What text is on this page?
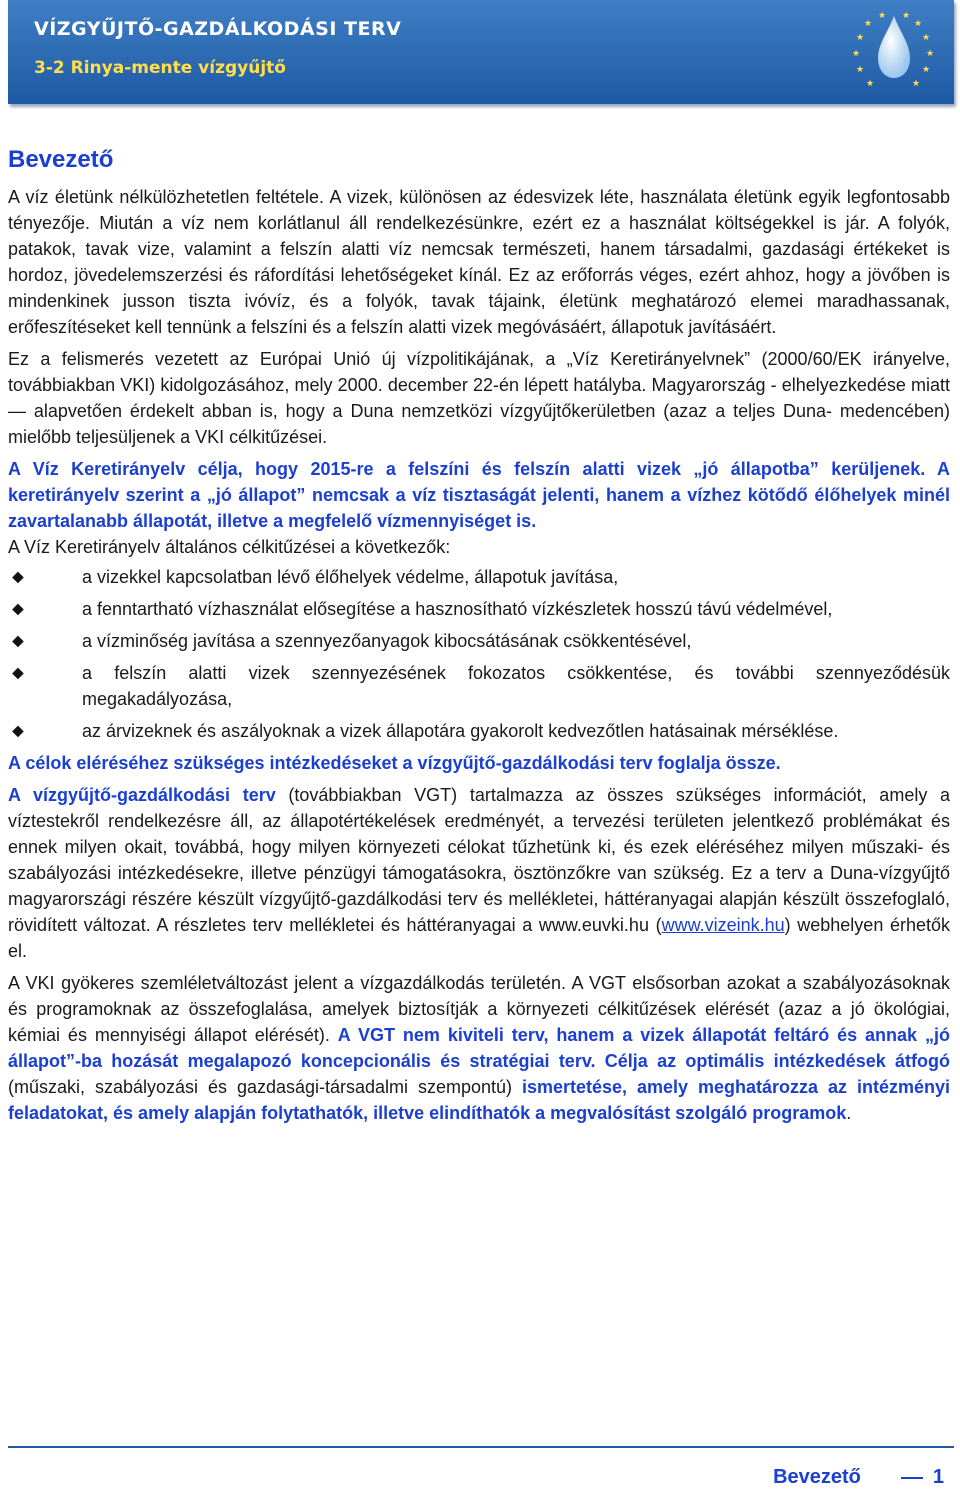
VÍZGYŰJTŐ-GAZDÁLKODÁSI TERV
3-2 Rinya-mente vízgyűjtő
★
★
★
★
★
★
★
★
★
★
★ ★
Bevezető

A víz életünk nélkülözhetetlen feltétele. A vizek, különösen az édesvizek léte, használata életünk egyik legfontosabb tényezője. Miután a víz nem korlátlanul áll rendelkezésünkre, ezért ez a használat költségekkel is jár. A folyók, patakok, tavak vize, valamint a felszín alatti víz nemcsak természeti, hanem társadalmi, gazdasági értékeket is hordoz, jövedelemszerzési és ráfordítási lehetőségeket kínál. Ez az erőforrás véges, ezért ahhoz, hogy a jövőben is mindenkinek jusson tiszta ivóvíz, és a folyók, tavak tájaink, életünk meghatározó elemei maradhassanak, erőfeszítéseket kell tennünk a felszíni és a felszín alatti vizek megóvásáért, állapotuk javításáért.

Ez a felismerés vezetett az Európai Unió új vízpolitikájának, a „Víz Keretirányelvnek” (2000/60/EK irányelve, továbbiakban VKI) kidolgozásához, mely 2000. december 22-én lépett hatályba. Magyarország - elhelyezkedése miatt — alapvetően érdekelt abban is, hogy a Duna nemzetközi vízgyűjtőkerületben (azaz a teljes Duna- medencében) mielőbb teljesüljenek a VKI célkitűzései.

A Víz Keretirányelv célja, hogy 2015-re a felszíni és felszín alatti vizek „jó állapotba” kerüljenek. A keretirányelv szerint a „jó állapot” nemcsak a víz tisztaságát jelenti, hanem a vízhez kötődő élőhelyek minél zavartalanabb állapotát, illetve a megfelelő vízmennyiséget is.

A Víz Keretirányelv általános célkitűzései a következők:

⬥	a vizekkel kapcsolatban lévő élőhelyek védelme, állapotuk javítása,
⬥	a fenntartható vízhasználat elősegítése a hasznosítható vízkészletek hosszú távú védelmével,
⬥	a vízminőség javítása a szennyezőanyagok kibocsátásának csökkentésével,
⬥	a felszín alatti vizek szennyezésének fokozatos csökkentése, és további szennyeződésük megakadályozása,
⬥	az árvizeknek és aszályoknak a vizek állapotára gyakorolt kedvezőtlen hatásainak mérséklése.

A célok eléréséhez szükséges intézkedéseket a vízgyűjtő-gazdálkodási terv foglalja össze.

A vízgyűjtő-gazdálkodási terv (továbbiakban VGT) tartalmazza az összes szükséges információt, amely a víztestekről rendelkezésre áll, az állapotértékelések eredményét, a tervezési területen jelentkező problémákat és ennek milyen okait, továbbá, hogy milyen környezeti célokat tűzhetünk ki, és ezek eléréséhez milyen műszaki- és szabályozási intézkedésekre, illetve pénzügyi támogatásokra, ösztönzőkre van szükség. Ez a terv a Duna-vízgyűjtő magyarországi részére készült vízgyűjtő-gazdálkodási terv és mellékletei, háttéranyagai alapján készült összefoglaló, rövidített változat. A részletes terv mellékletei és háttéranyagai a www.euvki.hu (www.vizeink.hu) webhelyen érhetők el.

A VKI gyökeres szemléletváltozást jelent a vízgazdálkodás területén. A VGT elsősorban azokat a szabályozásoknak és programoknak az összefoglalása, amelyek biztosítják a környezeti célkitűzések elérését (azaz a jó ökológiai, kémiai és mennyiségi állapot elérését). A VGT nem kiviteli terv, hanem a vizek állapotát feltáró és annak „jó állapot”-ba hozását megalapozó koncepcionális és stratégiai terv. Célja az optimális intézkedések átfogó (műszaki, szabályozási és gazdasági-társadalmi szempontú) ismertetése, amely meghatározza az intézményi feladatokat, és amely alapján folytathatók, illetve elindíthatók a megvalósítást szolgáló programok.

Bevezető	1
